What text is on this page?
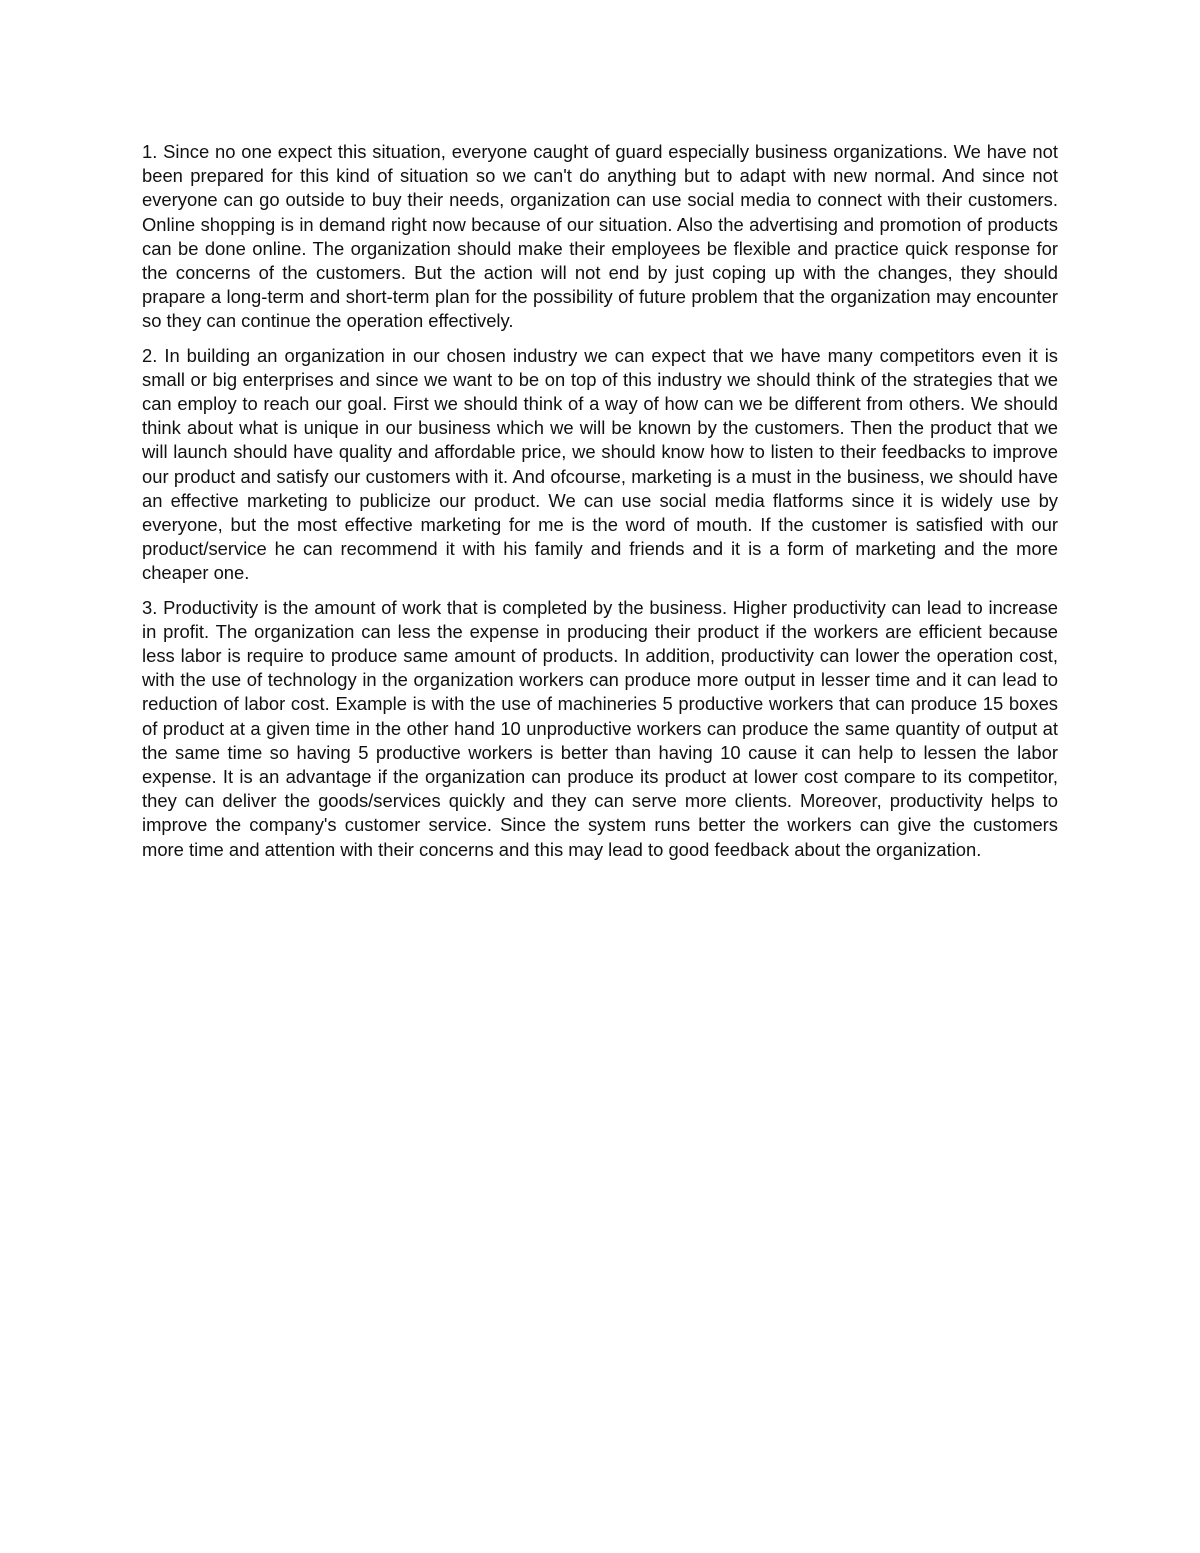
1. Since no one expect this situation, everyone caught of guard especially business organizations. We have not been prepared for this kind of situation so we can't do anything but to adapt with new normal. And since not everyone can go outside to buy their needs, organization can use social media to connect with their customers. Online shopping is in demand right now because of our situation. Also the advertising and promotion of products can be done online. The organization should make their employees be flexible and practice quick response for the concerns of the customers. But the action will not end by just coping up with the changes, they should prapare a long-term and short-term plan for the possibility of future problem that the organization may encounter so they can continue the operation effectively.

2. In building an organization in our chosen industry we can expect that we have many competitors even it is small or big enterprises and since we want to be on top of this industry we should think of the strategies that we can employ to reach our goal. First we should think of a way of how can we be different from others. We should think about what is unique in our business which we will be known by the customers. Then the product that we will launch should have quality and affordable price, we should know how to listen to their feedbacks to improve our product and satisfy our customers with it. And ofcourse, marketing is a must in the business, we should have an effective marketing to publicize our product. We can use social media flatforms since it is widely use by everyone, but the most effective marketing for me is the word of mouth. If the customer is satisfied with our product/service he can recommend it with his family and friends and it is a form of marketing and the more cheaper one.

3. Productivity is the amount of work that is completed by the business. Higher productivity can lead to increase in profit. The organization can less the expense in producing their product if the workers are efficient because less labor is require to produce same amount of products. In addition, productivity can lower the operation cost, with the use of technology in the organization workers can produce more output in lesser time and it can lead to reduction of labor cost. Example is with the use of machineries 5 productive workers that can produce 15 boxes of product at a given time in the other hand 10 unproductive workers can produce the same quantity of output at the same time so having 5 productive workers is better than having 10 cause it can help to lessen the labor expense. It is an advantage if the organization can produce its product at lower cost compare to its competitor, they can deliver the goods/services quickly and they can serve more clients. Moreover, productivity helps to improve the company's customer service. Since the system runs better the workers can give the customers more time and attention with their concerns and this may lead to good feedback about the organization.
